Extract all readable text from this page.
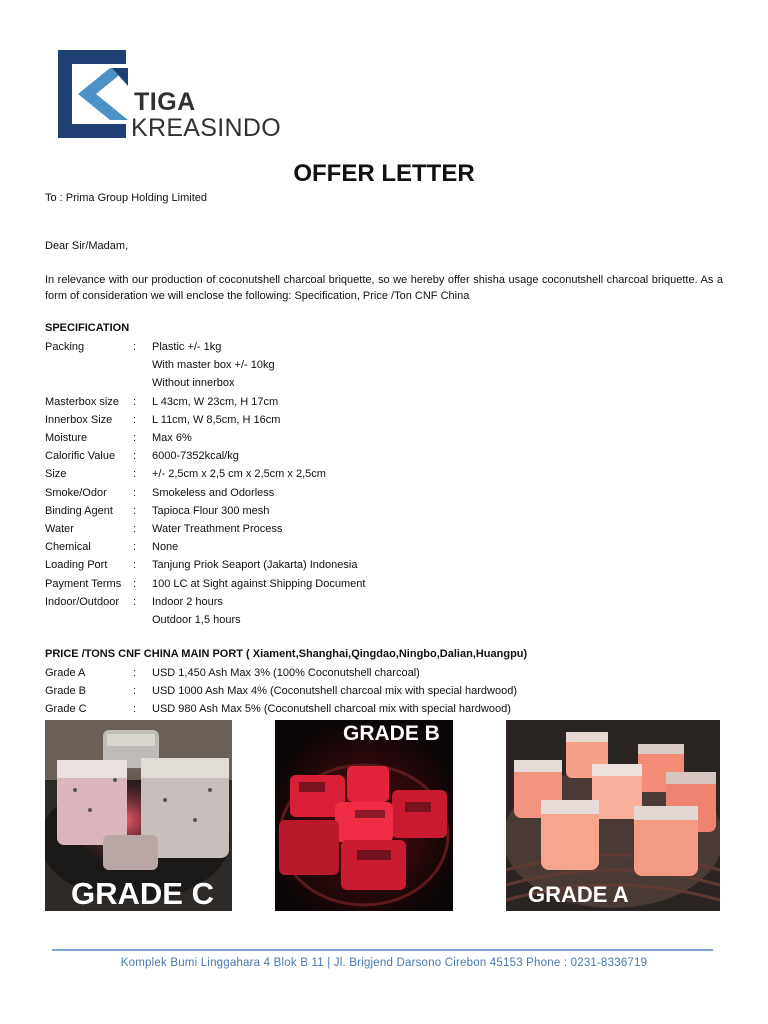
TIGA
KREASINDO
OFFER LETTER
To : Prima Group Holding Limited
Dear Sir/Madam,

In relevance with our production of coconutshell charcoal briquette, so we hereby offer shisha usage coconutshell charcoal briquette. As a form of consideration we will enclose the following: Specification, Price /Ton CNF China

SPECIFICATION
Packing	:	Plastic +/- 1kg
With master box +/- 10kg
Without innerbox
Masterbox size	:	L 43cm, W 23cm, H 17cm
Innerbox Size	:	L 11cm, W 8,5cm, H 16cm
Moisture	:	Max 6%
Calorific Value	:	6000-7352kcal/kg
Size	:	+/- 2,5cm x 2,5 cm x 2,5cm x 2,5cm
Smoke/Odor	:	Smokeless and Odorless
Binding Agent	:	Tapioca Flour 300 mesh
Water	:	Water Treathment Process
Chemical	:	None
Loading Port	:	Tanjung Priok Seaport (Jakarta) Indonesia
Payment Terms	:	100 LC at Sight against Shipping Document
Indoor/Outdoor	:	Indoor 2 hours
Outdoor 1,5 hours
PRICE /TONS CNF CHINA MAIN PORT ( Xiament,Shanghai,Qingdao,Ningbo,Dalian,Huangpu)
Grade A	:	USD 1,450 Ash Max 3% (100% Coconutshell charcoal)
Grade B	:	USD 1000 Ash Max 4% (Coconutshell charcoal mix with special hardwood)
Grade C	:	USD 980 Ash Max 5% (Coconutshell charcoal mix with special hardwood)
GRADE C
GRADE B
GRADE A
Komplek Bumi Linggahara 4 Blok B 11 | Jl. Brigjend Darsono Cirebon 45153 Phone : 0231-8336719
